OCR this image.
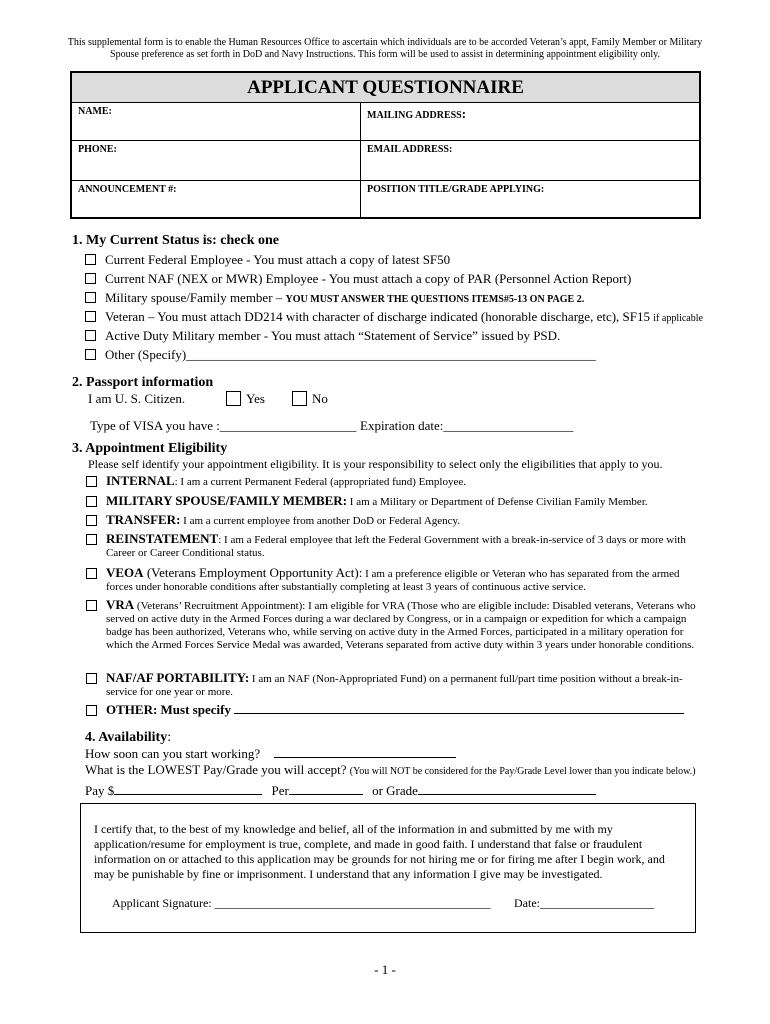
This supplemental form is to enable the Human Resources Office to ascertain which individuals are to be accorded Veteran’s appt, Family Member or Military Spouse preference as set forth in DoD and Navy Instructions. This form will be used to assist in determining appointment eligibility only.
APPLICANT QUESTIONNAIRE
NAME:	MAILING ADDRESS:
PHONE:	EMAIL ADDRESS:
ANNOUNCEMENT #:	POSITION TITLE/GRADE APPLYING:
1. My Current Status is: check one
Current Federal Employee - You must attach a copy of latest SF50
Current NAF (NEX or MWR) Employee - You must attach a copy of PAR (Personnel Action Report)
Military spouse/Family member – YOU MUST ANSWER THE QUESTIONS ITEMS#5-13 ON PAGE 2.
Veteran – You must attach DD214 with character of discharge indicated (honorable discharge, etc), SF15 if applicable
Active Duty Military member - You must attach “Statement of Service” issued by PSD.
Other (Specify)_______________________________________________________________
2. Passport information
I am U. S. Citizen.	Yes	No
Type of VISA you have :_____________________ Expiration date:____________________
3. Appointment Eligibility
Please self identify your appointment eligibility. It is your responsibility to select only the eligibilities that apply to you.
INTERNAL: I am a current Permanent Federal (appropriated fund) Employee.
MILITARY SPOUSE/FAMILY MEMBER: I am a Military or Department of Defense Civilian Family Member.
TRANSFER: I am a current employee from another DoD or Federal Agency.
REINSTATEMENT: I am a Federal employee that left the Federal Government with a break-in-service of 3 days or more with Career or Career Conditional status.
VEOA (Veterans Employment Opportunity Act): I am a preference eligible or Veteran who has separated from the armed forces under honorable conditions after substantially completing at least 3 years of continuous active service.
VRA (Veterans’ Recruitment Appointment): I am eligible for VRA (Those who are eligible include: Disabled veterans, Veterans who served on active duty in the Armed Forces during a war declared by Congress, or in a campaign or expedition for which a campaign badge has been authorized, Veterans who, while serving on active duty in the Armed Forces, participated in a military operation for which the Armed Forces Service Medal was awarded, Veterans separated from active duty within 3 years under honorable conditions.
NAF/AF PORTABILITY: I am an NAF (Non-Appropriated Fund) on a permanent full/part time position without a break-in-service for one year or more.
OTHER: Must specify
4. Availability:
How soon can you start working?
What is the LOWEST Pay/Grade you will accept? (You will NOT be considered for the Pay/Grade Level lower than you indicate below.)
Pay $	Per	or Grade
I certify that, to the best of my knowledge and belief, all of the information in and submitted by me with my application/resume for employment is true, complete, and made in good faith. I understand that false or fraudulent information on or attached to this application may be grounds for not hiring me or for firing me after I begin work, and may be punishable by fine or imprisonment. I understand that any information I give may be investigated.
Applicant Signature: ______________________________________________ Date:___________________
- 1 -
